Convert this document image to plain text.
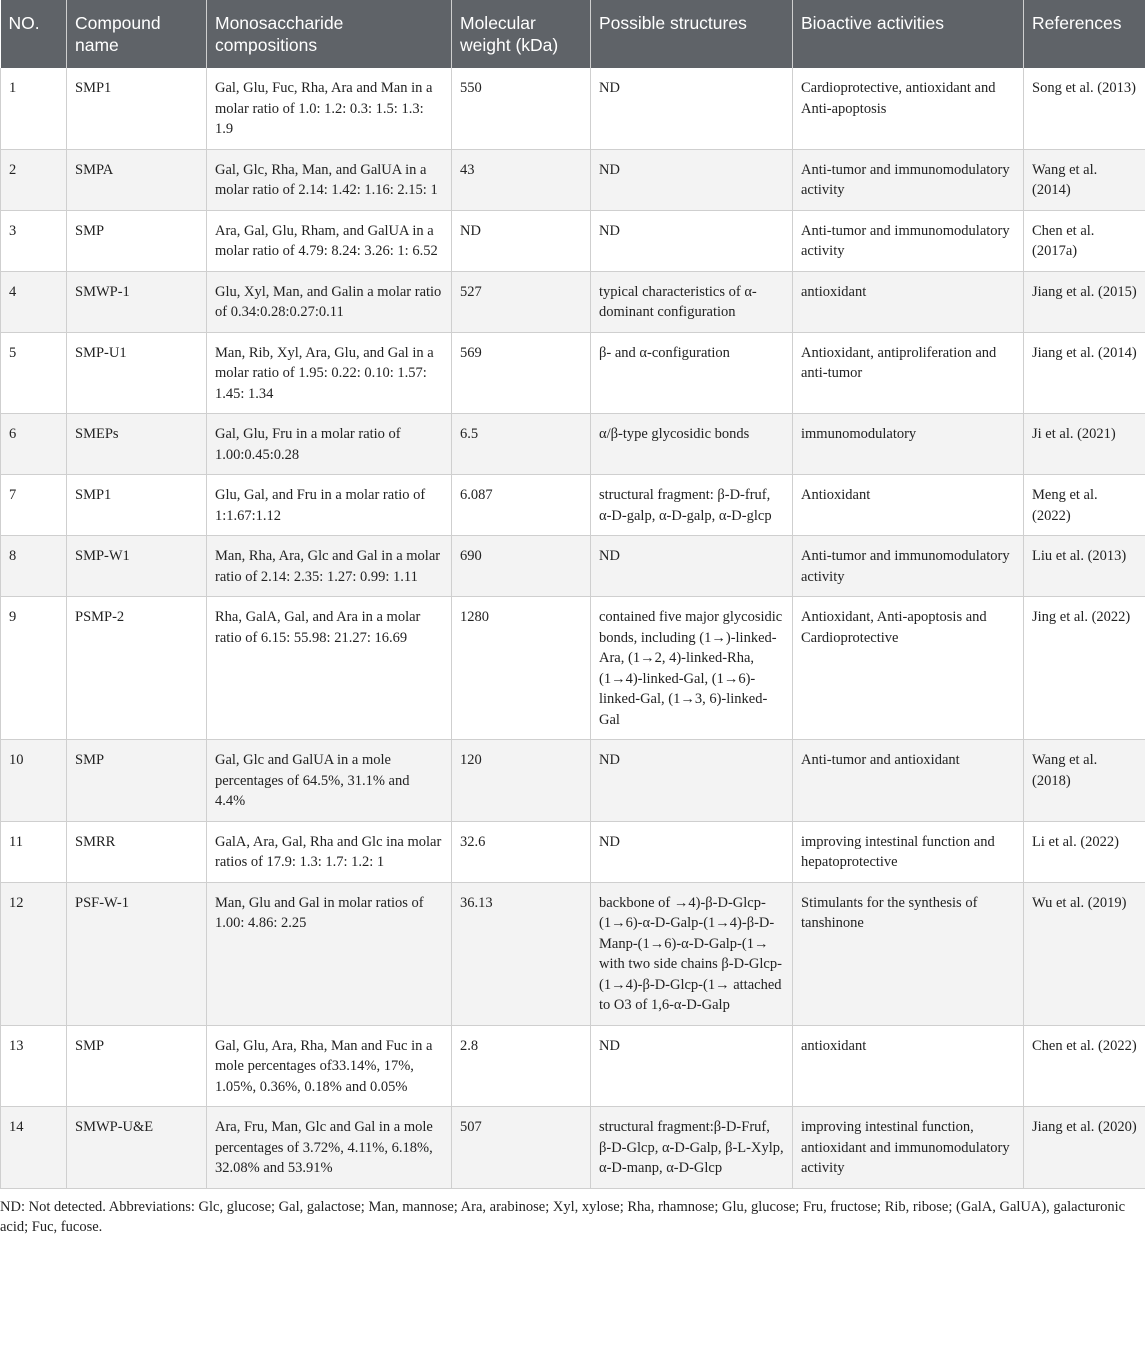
NO.	Compound name	Monosaccharide compositions	Molecular weight (kDa)	Possible structures	Bioactive activities	References
1	SMP1	Gal, Glu, Fuc, Rha, Ara and Man in a molar ratio of 1.0: 1.2: 0.3: 1.5: 1.3: 1.9	550	ND	Cardioprotective, antioxidant and Anti-apoptosis	Song et al. (2013)
2	SMPA	Gal, Glc, Rha, Man, and GalUA in a molar ratio of 2.14: 1.42: 1.16: 2.15: 1	43	ND	Anti-tumor and immunomodulatory activity	Wang et al. (2014)
3	SMP	Ara, Gal, Glu, Rham, and GalUA in a molar ratio of 4.79: 8.24: 3.26: 1: 6.52	ND	ND	Anti-tumor and immunomodulatory activity	Chen et al. (2017a)
4	SMWP-1	Glu, Xyl, Man, and Galin a molar ratio of 0.34:0.28:0.27:0.11	527	typical characteristics of α-dominant configuration	antioxidant	Jiang et al. (2015)
5	SMP-U1	Man, Rib, Xyl, Ara, Glu, and Gal in a molar ratio of 1.95: 0.22: 0.10: 1.57: 1.45: 1.34	569	β- and α-configuration	Antioxidant, antiproliferation and anti-tumor	Jiang et al. (2014)
6	SMEPs	Gal, Glu, Fru in a molar ratio of 1.00:0.45:0.28	6.5	α/β-type glycosidic bonds	immunomodulatory	Ji et al. (2021)
7	SMP1	Glu, Gal, and Fru in a molar ratio of 1:1.67:1.12	6.087	structural fragment: β-D-fruf, α-D-galp, α-D-galp, α-D-glcp	Antioxidant	Meng et al. (2022)
8	SMP-W1	Man, Rha, Ara, Glc and Gal in a molar ratio of 2.14: 2.35: 1.27: 0.99: 1.11	690	ND	Anti-tumor and immunomodulatory activity	Liu et al. (2013)
9	PSMP-2	Rha, GalA, Gal, and Ara in a molar ratio of 6.15: 55.98: 21.27: 16.69	1280	contained five major glycosidic bonds, including (1→)-linked-Ara, (1→2, 4)-linked-Rha, (1→4)-linked-Gal, (1→6)-linked-Gal, (1→3, 6)-linked-Gal	Antioxidant, Anti-apoptosis and Cardioprotective	Jing et al. (2022)
10	SMP	Gal, Glc and GalUA in a mole percentages of 64.5%, 31.1% and 4.4%	120	ND	Anti-tumor and antioxidant	Wang et al. (2018)
11	SMRR	GalA, Ara, Gal, Rha and Glc ina molar ratios of 17.9: 1.3: 1.7: 1.2: 1	32.6	ND	improving intestinal function and hepatoprotective	Li et al. (2022)
12	PSF-W-1	Man, Glu and Gal in molar ratios of 1.00: 4.86: 2.25	36.13	backbone of →4)-β-D-Glcp-(1→6)-α-D-Galp-(1→4)-β-D-Manp-(1→6)-α-D-Galp-(1→ with two side chains β-D-Glcp-(1→4)-β-D-Glcp-(1→ attached to O3 of 1,6-α-D-Galp	Stimulants for the synthesis of tanshinone	Wu et al. (2019)
13	SMP	Gal, Glu, Ara, Rha, Man and Fuc in a mole percentages of33.14%, 17%, 1.05%, 0.36%, 0.18% and 0.05%	2.8	ND	antioxidant	Chen et al. (2022)
14	SMWP-U&E	Ara, Fru, Man, Glc and Gal in a mole percentages of 3.72%, 4.11%, 6.18%, 32.08% and 53.91%	507	structural fragment:β-D-Fruf, β-D-Glcp, α-D-Galp, β-L-Xylp, α-D-manp, α-D-Glcp	improving intestinal function, antioxidant and immunomodulatory activity	Jiang et al. (2020)
ND: Not detected. Abbreviations: Glc, glucose; Gal, galactose; Man, mannose; Ara, arabinose; Xyl, xylose; Rha, rhamnose; Glu, glucose; Fru, fructose; Rib, ribose; (GalA, GalUA), galacturonic acid; Fuc, fucose.
